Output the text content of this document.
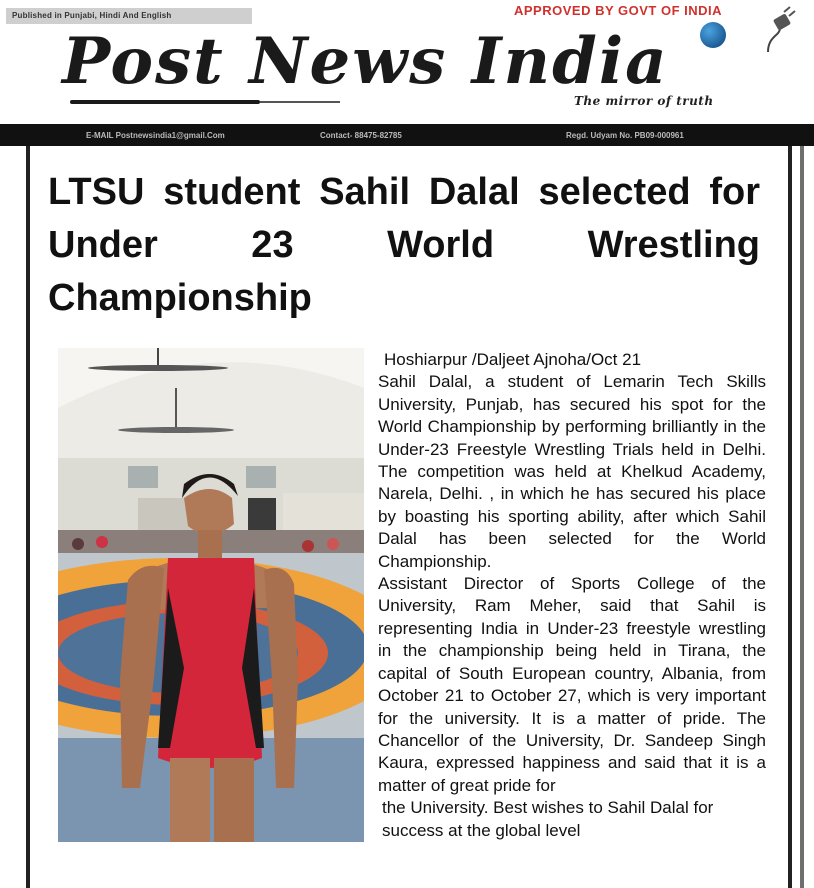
Published in Punjabi, Hindi And English	APPROVED BY GOVT OF INDIA
Post News India
The mirror of truth
E-MAIL Postnewsindia1@gmail.Com	Contact- 88475-82785	Regd. Udyam No. PB09-000961
LTSU student Sahil Dalal selected for Under 23 World Wrestling Championship

Hoshiarpur /Daljeet Ajnoha/Oct 21

Sahil Dalal, a student of Lemarin Tech Skills University, Punjab, has secured his spot for the World Championship by performing brilliantly in the Under-23 Freestyle Wrestling Trials held in Delhi. The competition was held at Khelkud Academy, Narela, Delhi. , in which he has secured his place by boasting his sporting ability, after which Sahil Dalal has been selected for the World Championship.

Assistant Director of Sports College of the University, Ram Meher, said that Sahil is representing India in Under-23 freestyle wrestling in the championship being held in Tirana, the capital of South European country, Albania, from October 21 to October 27, which is very important for the university. It is a matter of pride. The Chancellor of the University, Dr. Sandeep Singh Kaura, expressed happiness and said that it is a matter of great pride for

the University. Best wishes to Sahil Dalal for success at the global level
